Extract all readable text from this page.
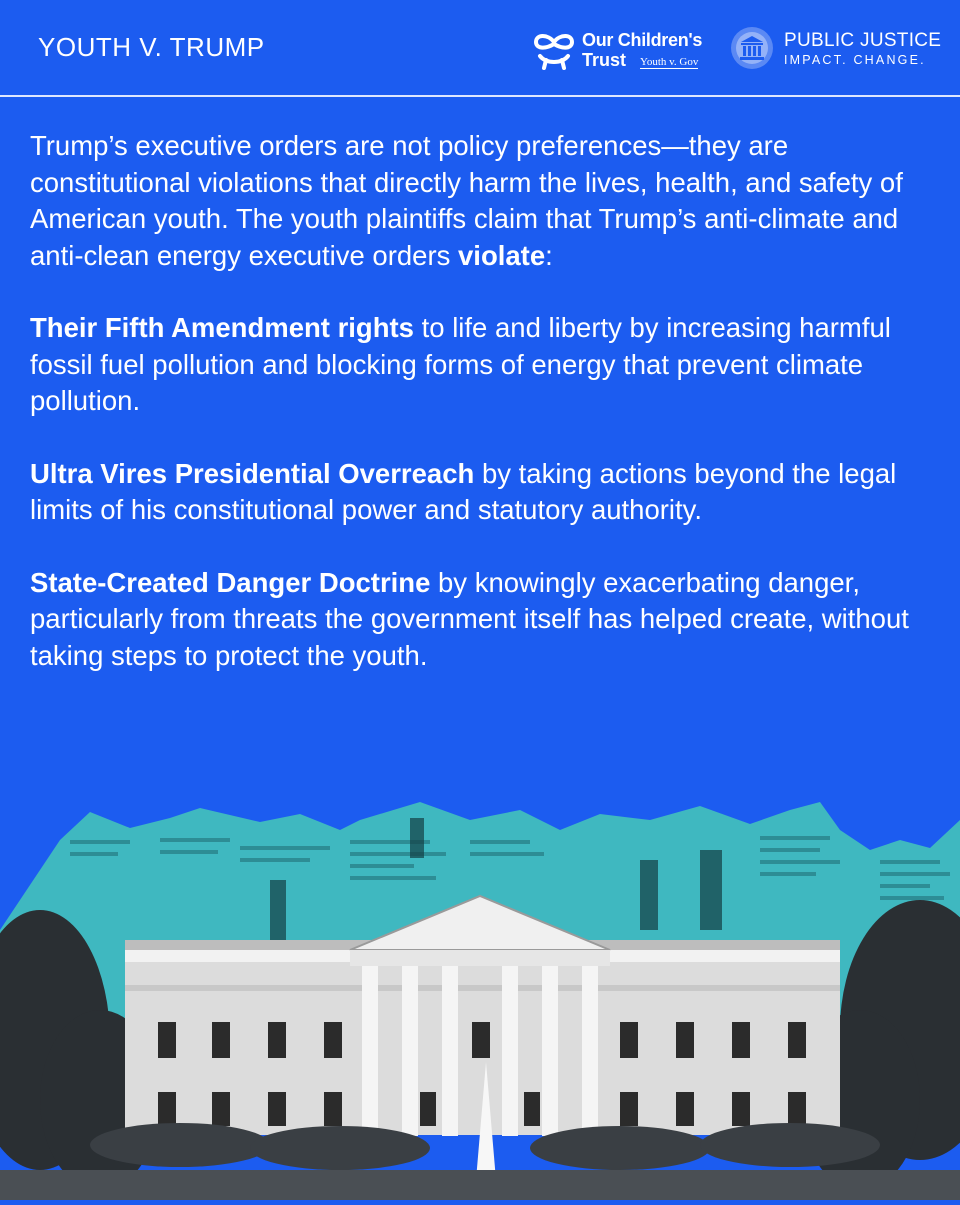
YOUTH V. TRUMP	Our Children's
Trust Youth v. Gov
PUBLIC JUSTICE
IMPACT. CHANGE.

Trump’s executive orders are not policy preferences—they are constitutional violations that directly harm the lives, health, and safety of American youth. The youth plaintiffs claim that Trump’s anti-climate and anti-clean energy executive orders violate:

Their Fifth Amendment rights to life and liberty by increasing harmful fossil fuel pollution and blocking forms of energy that prevent climate pollution.

Ultra Vires Presidential Overreach by taking actions beyond the legal limits of his constitutional power and statutory authority.

State-Created Danger Doctrine by knowingly exacerbating danger, particularly from threats the government itself has helped create, without taking steps to protect the youth.
